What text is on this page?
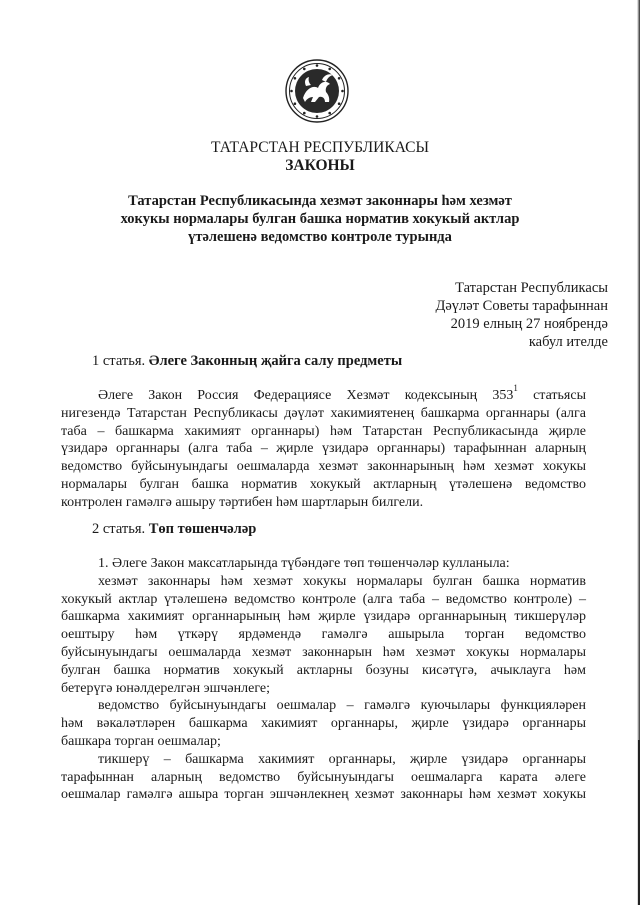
ТАТАРСТАН РЕСПУБЛИКАСЫ
ЗАКОНЫ
Татарстан Республикасында хезмәт законнары һәм хезмәт
хокукы нормалары булган башка норматив хокукый актлар
үтәлешенә ведомство контроле турында
Татарстан Республикасы
Дәүләт Советы тарафыннан
2019 елның 27 ноябрендә
кабул ителде
1 статья. Әлеге Законның җайга салу предметы

Әлеге Закон Россия Федерациясе Хезмәт кодексының $353^1$ статьясы
нигезендә Татарстан Республикасы дәүләт хакимиятенең башкарма органнары (алга
таба – башкарма хакимият органнары) һәм Татарстан Республикасында җирле
үзидарә органнары (алга таба – җирле үзидарә органнары) тарафыннан аларның
ведомство буйсынуындагы оешмаларда хезмәт законнарының һәм хезмәт хокукы
нормалары булган башка норматив хокукый актларның үтәлешенә ведомство
контролен гамәлгә ашыру тәртибен һәм шартларын билгели.

2 статья. Төп төшенчәләр

1. Әлеге Закон максатларында түбәндәге төп төшенчәләр кулланыла:

хезмәт законнары һәм хезмәт хокукы нормалары булган башка норматив
хокукый актлар үтәлешенә ведомство контроле (алга таба – ведомство контроле) –
башкарма хакимият органнарының һәм җирле үзидарә органнарының тикшерүләр
оештыру һәм үткәрү ярдәмендә гамәлгә ашырыла торган ведомство
буйсынуындагы оешмаларда хезмәт законнарын һәм хезмәт хокукы нормалары
булган башка норматив хокукый актларны бозуны кисәтүгә, ачыклауга һәм
бетерүгә юнәлдерелгән эшчәнлеге;

ведомство буйсынуындагы оешмалар – гамәлгә куючылары функцияләрен
һәм вәкаләтләрен башкарма хакимият органнары, җирле үзидарә органнары
башкара торган оешмалар;

тикшерү – башкарма хакимият органнары, җирле үзидарә органнары
тарафыннан аларның ведомство буйсынуындагы оешмаларга карата әлеге
оешмалар гамәлгә ашыра торган эшчәнлекнең хезмәт законнары һәм хезмәт хокукы
